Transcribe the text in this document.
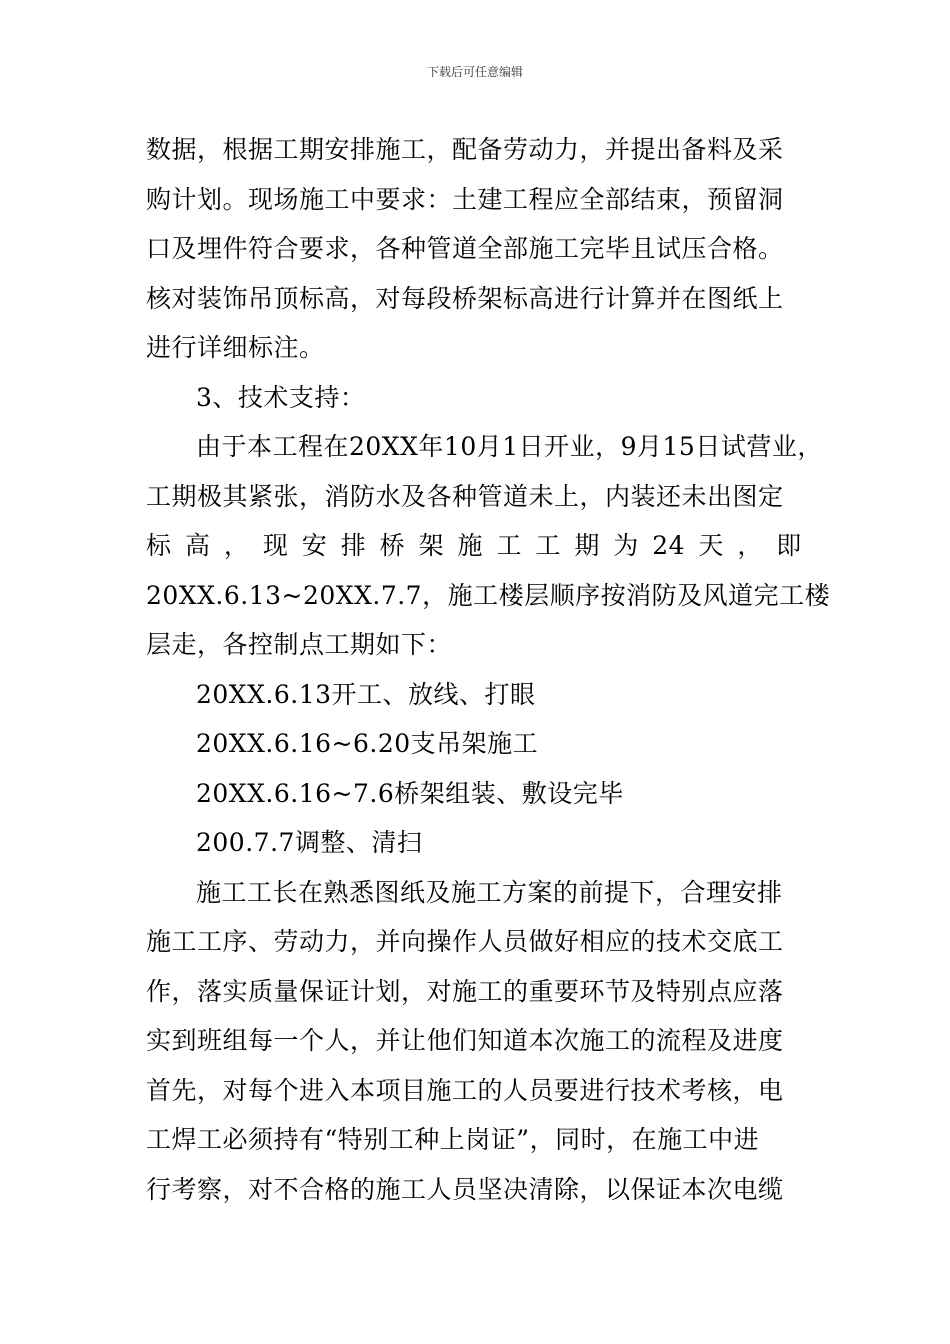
下载后可任意编辑
数据，根据工期安排施工，配备劳动力，并提出备料及采
购计划。现场施工中要求：土建工程应全部结束，预留洞
口及埋件符合要求，各种管道全部施工完毕且试压合格。
核对装饰吊顶标高，对每段桥架标高进行计算并在图纸上
进行详细标注。
3、技术支持：
由于本工程在20XX年10月1日开业，9月15日试营业，
工期极其紧张，消防水及各种管道未上，内装还未出图定
标 高 ， 现 安 排 桥 架 施 工 工 期 为 24 天 ， 即
20XX.6.13~20XX.7.7，施工楼层顺序按消防及风道完工楼
层走，各控制点工期如下：
20XX.6.13开工、放线、打眼
20XX.6.16~6.20支吊架施工
20XX.6.16~7.6桥架组装、敷设完毕
200.7.7调整、清扫
施工工长在熟悉图纸及施工方案的前提下，合理安排
施工工序、劳动力，并向操作人员做好相应的技术交底工
作，落实质量保证计划，对施工的重要环节及特别点应落
实到班组每一个人，并让他们知道本次施工的流程及进度
首先，对每个进入本项目施工的人员要进行技术考核，电
工焊工必须持有“特别工种上岗证”，同时，在施工中进
行考察，对不合格的施工人员坚决清除，以保证本次电缆
